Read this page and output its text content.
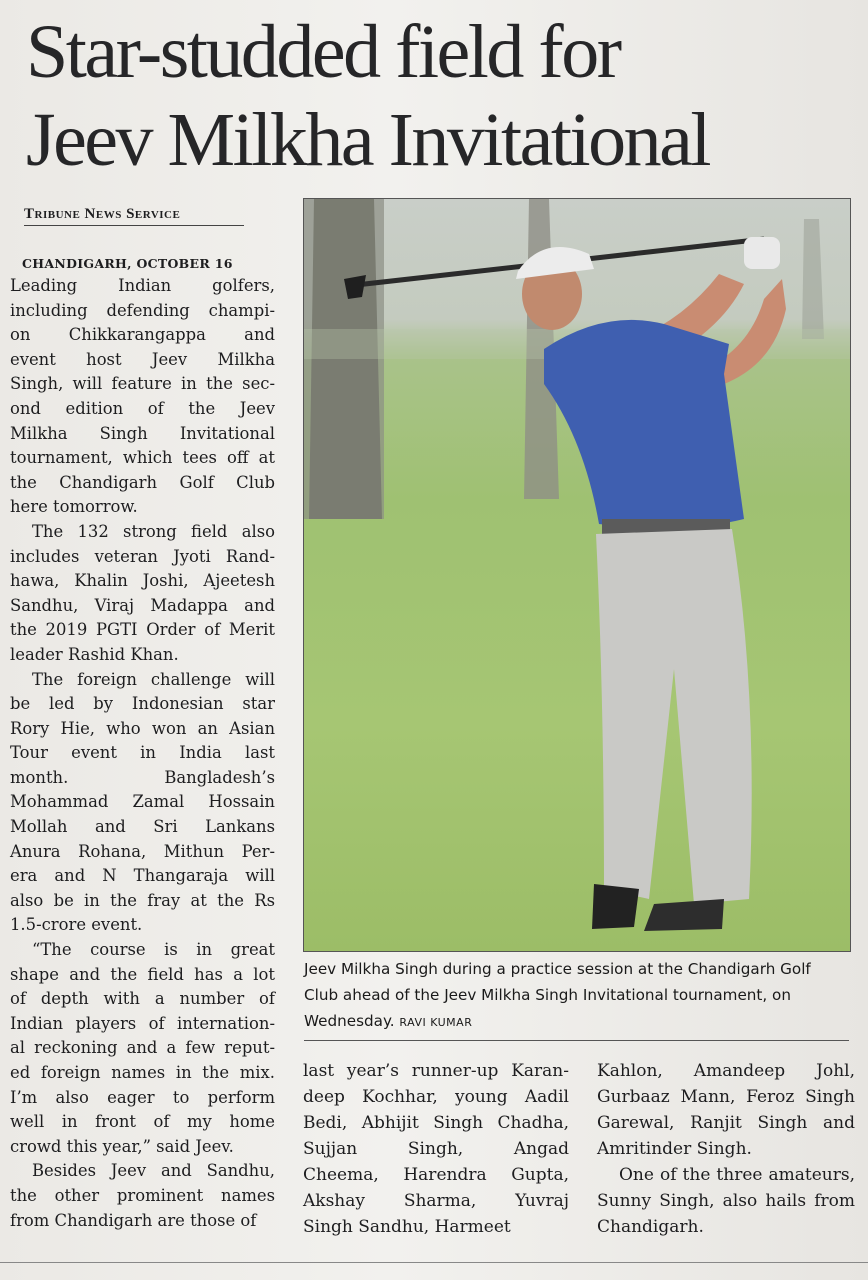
Star-studded field for
Jeev Milkha Invitational
Tribune News Service
CHANDIGARH, OCTOBER 16
Leading Indian golfers,
including defending champi-
on Chikkarangappa and
event host Jeev Milkha
Singh, will feature in the sec-
ond edition of the Jeev
Milkha Singh Invitational
tournament, which tees off at
the Chandigarh Golf Club
here tomorrow.
The 132 strong field also
includes veteran Jyoti Rand-
hawa, Khalin Joshi, Ajeetesh
Sandhu, Viraj Madappa and
the 2019 PGTI Order of Merit
leader Rashid Khan.
The foreign challenge will
be led by Indonesian star
Rory Hie, who won an Asian
Tour event in India last
month. Bangladesh’s
Mohammad Zamal Hossain
Mollah and Sri Lankans
Anura Rohana, Mithun Per-
era and N Thangaraja will
also be in the fray at the Rs
1.5-crore event.
“The course is in great
shape and the field has a lot
of depth with a number of
Indian players of internation-
al reckoning and a few reput-
ed foreign names in the mix.
I’m also eager to perform
well in front of my home
crowd this year,” said Jeev.
Besides Jeev and Sandhu,
the other prominent names
from Chandigarh are those of
Jeev Milkha Singh during a practice session at the Chandigarh Golf Club ahead of the Jeev Milkha Singh Invitational tournament, on Wednesday. RAVI KUMAR
last year’s runner-up Karan-
deep Kochhar, young Aadil
Bedi, Abhijit Singh Chadha,
Sujjan Singh, Angad
Cheema, Harendra Gupta,
Akshay Sharma, Yuvraj
Singh Sandhu, Harmeet
Kahlon, Amandeep Johl,
Gurbaaz Mann, Feroz Singh
Garewal, Ranjit Singh and
Amritinder Singh.
One of the three amateurs,
Sunny Singh, also hails from
Chandigarh.
